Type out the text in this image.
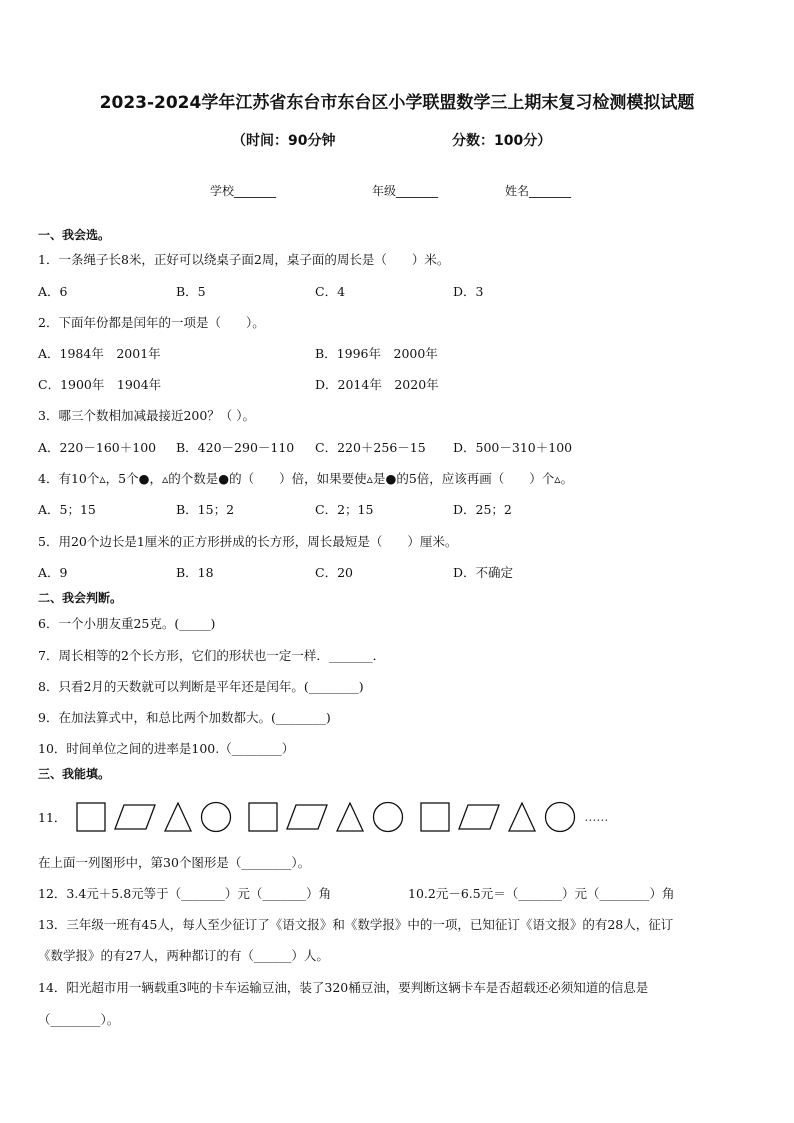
2023-2024学年江苏省东台市东台区小学联盟数学三上期末复习检测模拟试题
（时间：90分钟	分数：100分）
学校_______	年级_______	姓名_______
一、我会选。
1．一条绳子长8米，正好可以绕桌子面2周，桌子面的周长是（　　）米。
A．6	B．5	C．4	D．3
2．下面年份都是闰年的一项是（　　）。
A．1984年　2001年	B．1996年　2000年
C．1900年　1904年	D．2014年　2020年
3．哪三个数相加减最接近200？（ ）。
A．220－160＋100 B．420－290－110 C．220＋256－15 D．500－310＋100
4．有10个▵，5个●，▵的个数是●的（　　）倍，如果要使▵是●的5倍，应该再画（　　）个▵。
A．5；15	B．15；2	C．2；15	D．25；2
5．用20个边长是1厘米的正方形拼成的长方形，周长最短是（　　）厘米。
A．9	B．18	C．20	D．不确定
二、我会判断。
6．一个小朋友重25克。(_____)
7．周长相等的2个长方形，它们的形状也一定一样．_______．
8．只看2月的天数就可以判断是平年还是闰年。(________)
9．在加法算式中，和总比两个加数都大。(________)
10．时间单位之间的进率是100.（________）
三、我能填。
11．	……
在上面一列图形中，第30个图形是（________）。
12．3.4元＋5.8元等于（_______）元（_______）角	10.2元－6.5元＝（_______）元（________）角
13．三年级一班有45人，每人至少征订了《语文报》和《数学报》中的一项，已知征订《语文报》的有28人，征订
《数学报》的有27人，两种都订的有（______）人。
14．阳光超市用一辆载重3吨的卡车运输豆油，装了320桶豆油，要判断这辆卡车是否超载还必须知道的信息是
（________）。
